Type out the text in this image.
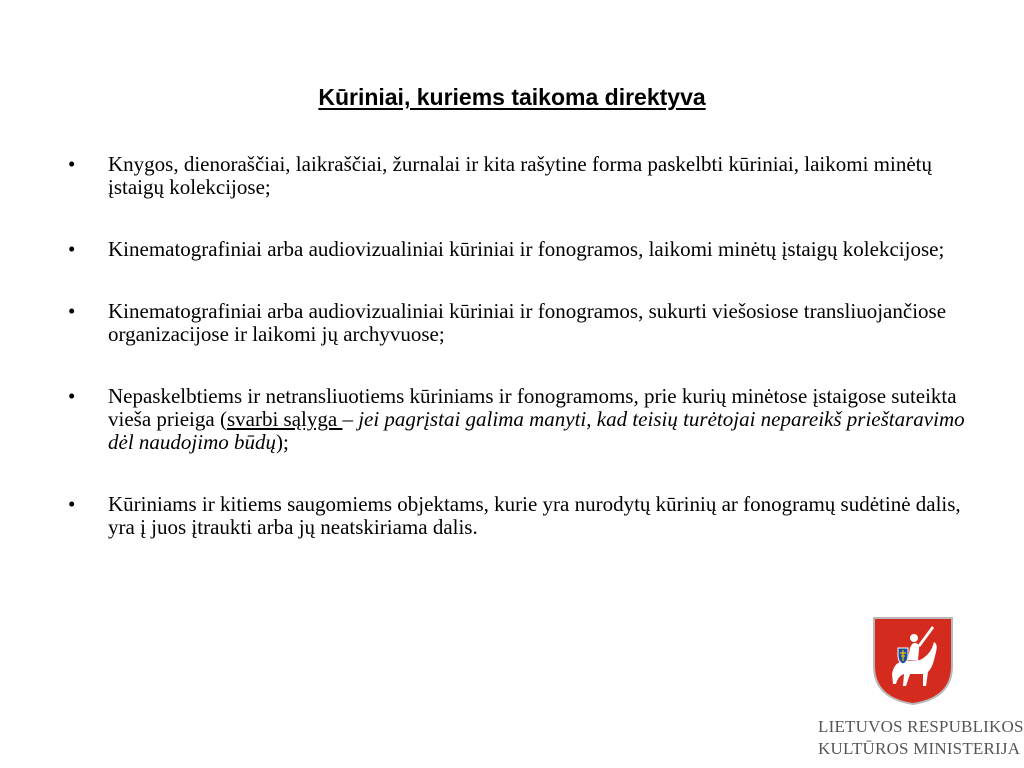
Kūriniai, kuriems taikoma direktyva
• Knygos, dienoraščiai, laikraščiai, žurnalai ir kita rašytine forma paskelbti kūriniai, laikomi minėtų įstaigų kolekcijose;
• Kinematografiniai arba audiovizualiniai kūriniai ir fonogramos, laikomi minėtų įstaigų kolekcijose;
• Kinematografiniai arba audiovizualiniai kūriniai ir fonogramos, sukurti viešosiose transliuojančiose organizacijose ir laikomi jų archyvuose;
• Nepaskelbtiems ir netransliuotiems kūriniams ir fonogramoms, prie kurių minėtose įstaigose suteikta vieša prieiga (svarbi sąlyga – jei pagrįstai galima manyti, kad teisių turėtojai nepareikš prieštaravimo dėl naudojimo būdų);
• Kūriniams ir kitiems saugomiems objektams, kurie yra nurodytų kūrinių ar fonogramų sudėtinė dalis, yra į juos įtraukti arba jų neatskiriama dalis.
LIETUVOS RESPUBLIKOS
KULTŪROS MINISTERIJA
